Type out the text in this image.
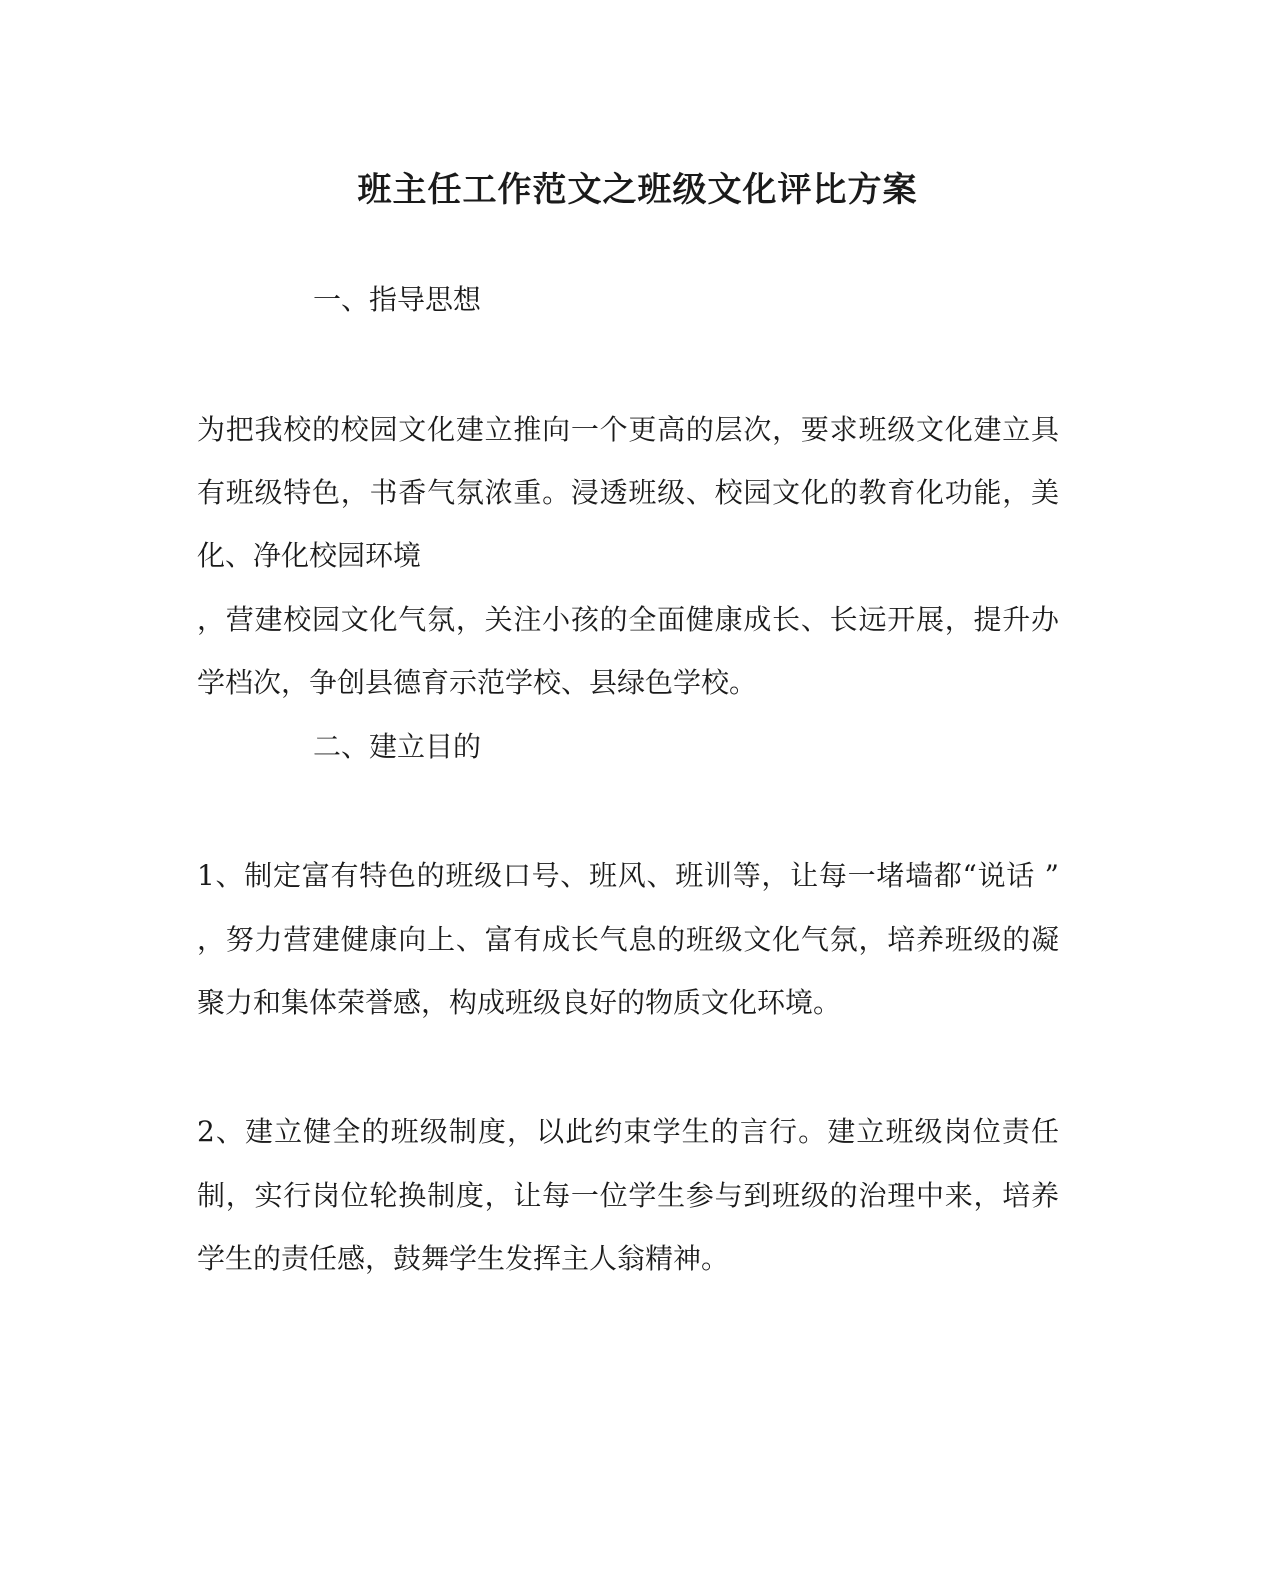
班主任工作范文之班级文化评比方案
一、指导思想
为把我校的校园文化建立推向一个更高的层次，要求班级文化建立具
有班级特色，书香气氛浓重。浸透班级、校园文化的教育化功能，美
化、净化校园环境
，营建校园文化气氛，关注小孩的全面健康成长、长远开展，提升办
学档次，争创县德育示范学校、县绿色学校。
二、建立目的
1、制定富有特色的班级口号、班风、班训等，让每一堵墙都“说话 ”
，努力营建健康向上、富有成长气息的班级文化气氛，培养班级的凝
聚力和集体荣誉感，构成班级良好的物质文化环境。
2、建立健全的班级制度，以此约束学生的言行。建立班级岗位责任
制，实行岗位轮换制度，让每一位学生参与到班级的治理中来，培养
学生的责任感，鼓舞学生发挥主人翁精神。
